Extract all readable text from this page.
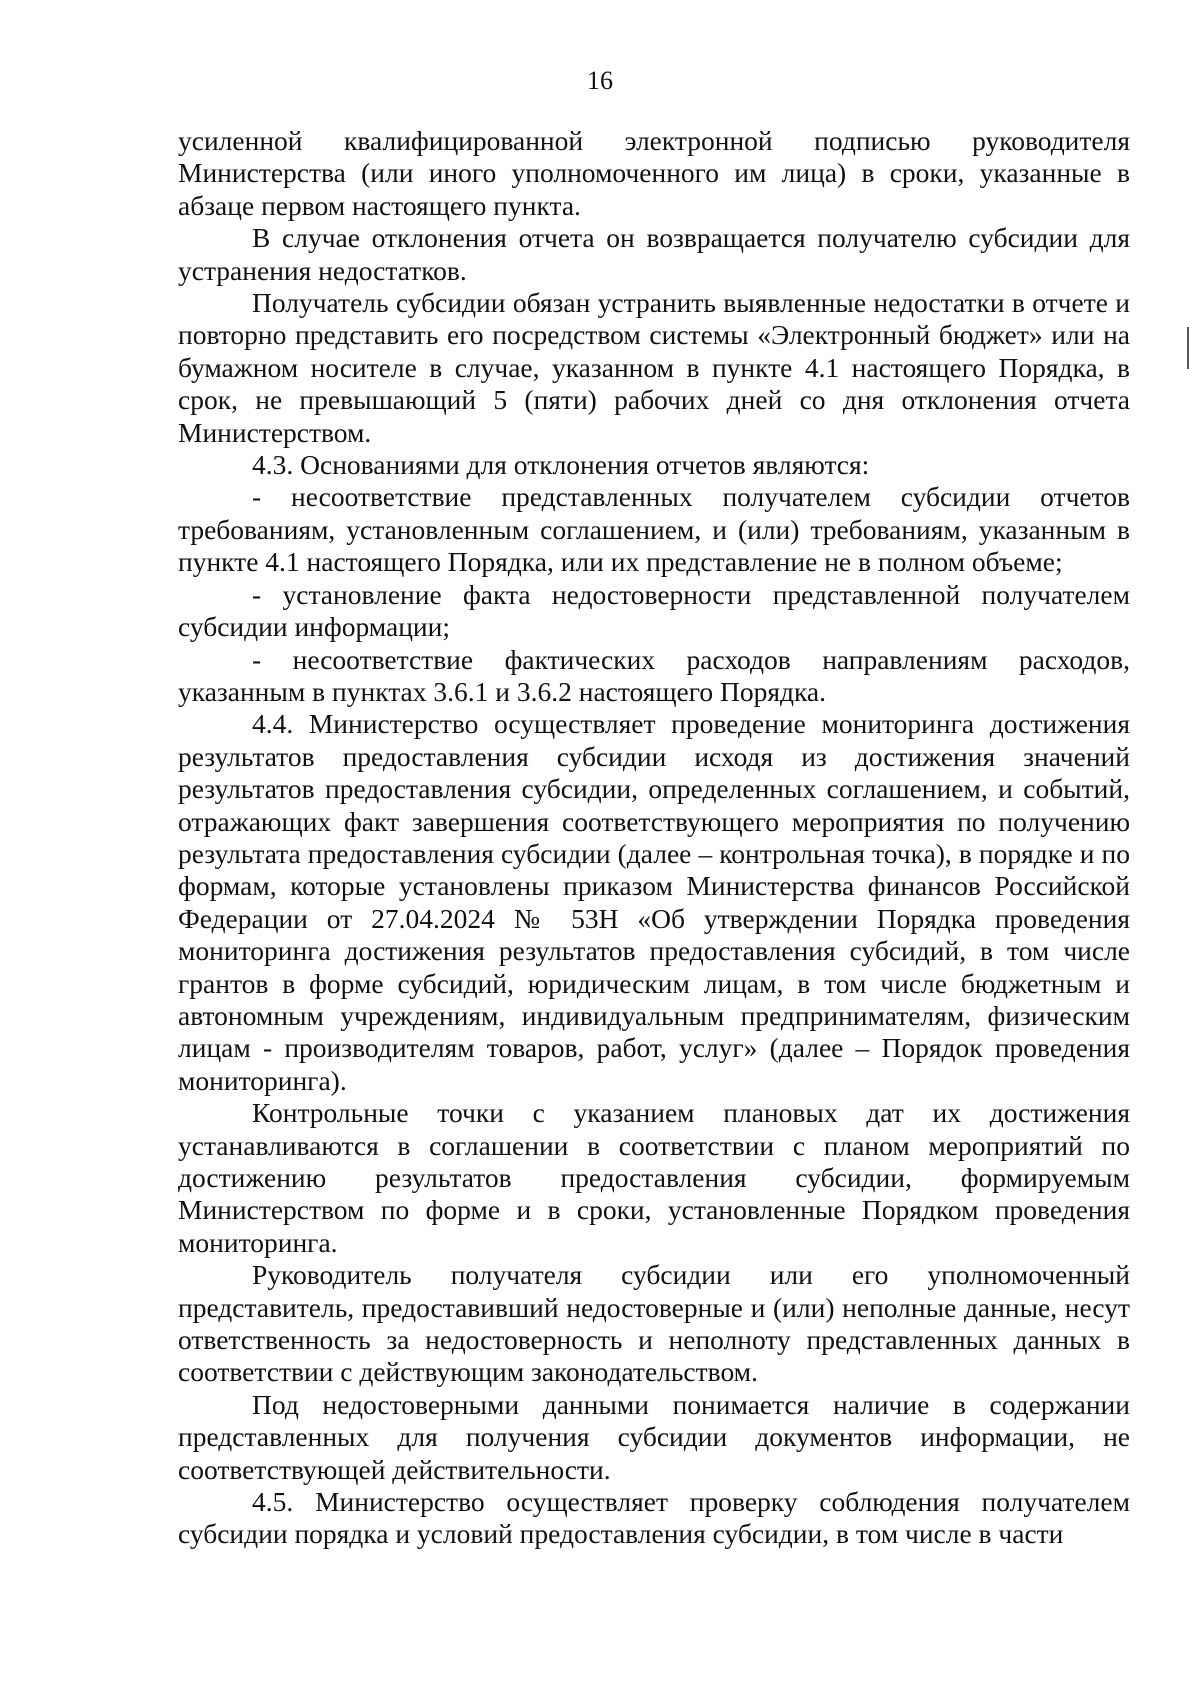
16

усиленной квалифицированной электронной подписью руководителя Министерства (или иного уполномоченного им лица) в сроки, указанные в абзаце первом настоящего пункта.

В случае отклонения отчета он возвращается получателю субсидии для устранения недостатков.

Получатель субсидии обязан устранить выявленные недостатки в отчете и повторно представить его посредством системы «Электронный бюджет» или на бумажном носителе в случае, указанном в пункте 4.1 настоящего Порядка, в срок, не превышающий 5 (пяти) рабочих дней со дня отклонения отчета Министерством.

4.3. Основаниями для отклонения отчетов являются:

- несоответствие представленных получателем субсидии отчетов требованиям, установленным соглашением, и (или) требованиям, указанным в пункте 4.1 настоящего Порядка, или их представление не в полном объеме;

- установление факта недостоверности представленной получателем субсидии информации;

- несоответствие фактических расходов направлениям расходов, указанным в пунктах 3.6.1 и 3.6.2 настоящего Порядка.

4.4. Министерство осуществляет проведение мониторинга достижения результатов предоставления субсидии исходя из достижения значений результатов предоставления субсидии, определенных соглашением, и событий, отражающих факт завершения соответствующего мероприятия по получению результата предоставления субсидии (далее – контрольная точка), в порядке и по формам, которые установлены приказом Министерства финансов Российской Федерации от 27.04.2024 № 53Н «Об утверждении Порядка проведения мониторинга достижения результатов предоставления субсидий, в том числе грантов в форме субсидий, юридическим лицам, в том числе бюджетным и автономным учреждениям, индивидуальным предпринимателям, физическим лицам - производителям товаров, работ, услуг» (далее – Порядок проведения мониторинга).

Контрольные точки с указанием плановых дат их достижения устанавливаются в соглашении в соответствии с планом мероприятий по достижению результатов предоставления субсидии, формируемым Министерством по форме и в сроки, установленные Порядком проведения мониторинга.

Руководитель получателя субсидии или его уполномоченный представитель, предоставивший недостоверные и (или) неполные данные, несут ответственность за недостоверность и неполноту представленных данных в соответствии с действующим законодательством.

Под недостоверными данными понимается наличие в содержании представленных для получения субсидии документов информации, не соответствующей действительности.

4.5. Министерство осуществляет проверку соблюдения получателем субсидии порядка и условий предоставления субсидии, в том числе в части
